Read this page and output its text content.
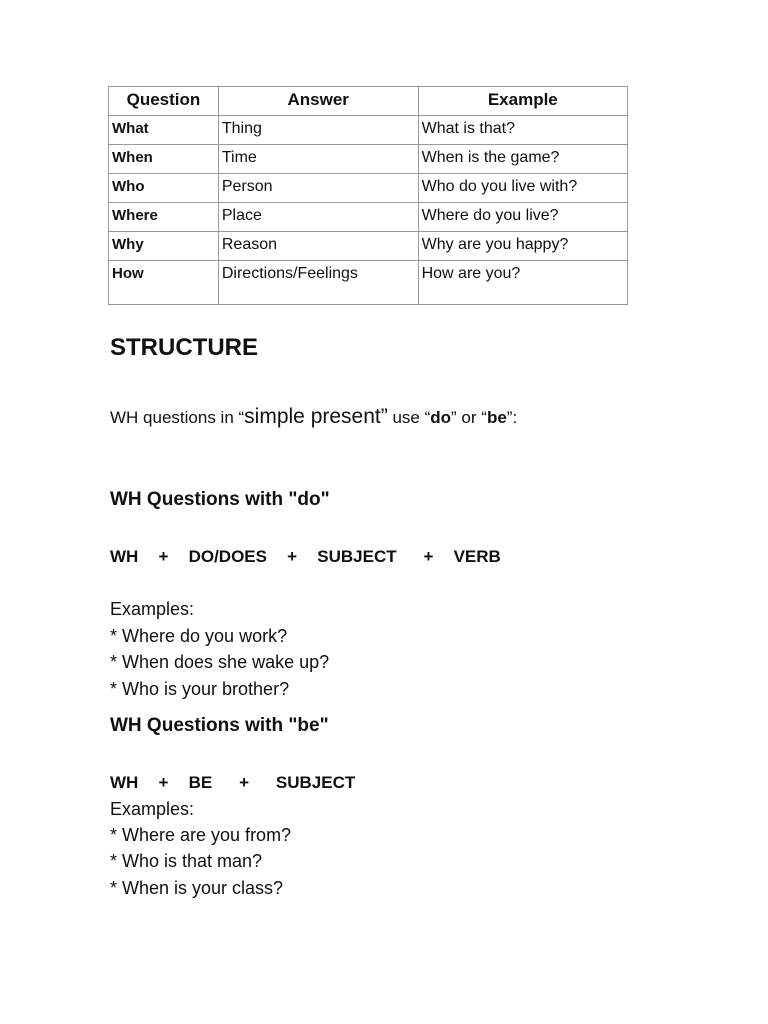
Question	Answer	Example
What	Thing	What is that?
When	Time	When is the game?
Who	Person	Who do you live with?
Where	Place	Where do you live?
Why	Reason	Why are you happy?
How	Directions/Feelings	How are you?
STRUCTURE
WH questions in “simple present” use “do” or “be”:
WH Questions with "do"
WH   +   DO/DOES   +   SUBJECT    +   VERB
Examples:
* Where do you work?
* When does she wake up?
* Who is your brother?
WH Questions with "be"
WH   +   BE    +    SUBJECT
Examples:
* Where are you from?
* Who is that man?
* When is your class?
